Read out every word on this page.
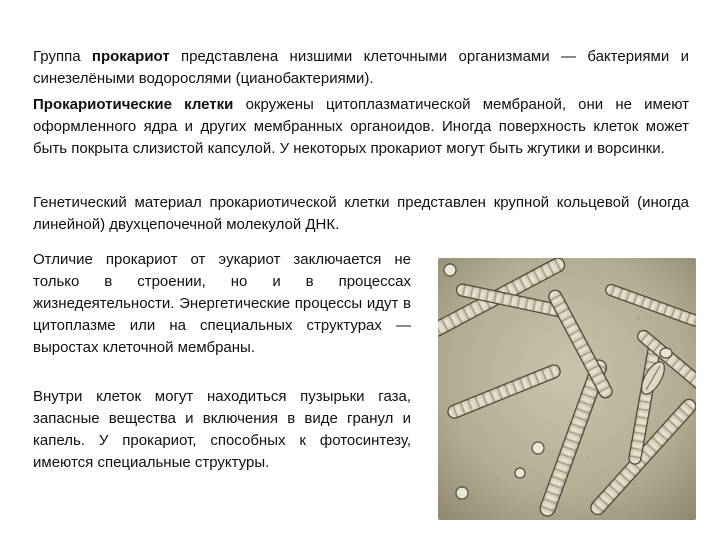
Группа прокариот представлена низшими клеточными организмами — бактериями и синезелёными водорослями (цианобактериями).

Прокариотические клетки окружены цитоплазматической мембраной, они не имеют оформленного ядра и других мембранных органоидов. Иногда поверхность клеток может быть покрыта слизистой капсулой. У некоторых прокариот могут быть жгутики и ворсинки.

Генетический материал прокариотической клетки представлен крупной кольцевой (иногда линейной) двухцепочечной молекулой ДНК.

Отличие прокариот от эукариот заключается не только в строении, но и в процессах жизнедеятельности. Энергетические процессы идут в цитоплазме или на специальных структурах — выростах клеточной мембраны.

Внутри клеток могут находиться пузырьки газа, запасные вещества и включения в виде гранул и капель. У прокариот, способных к фотосинтезу, имеются специальные структуры.
